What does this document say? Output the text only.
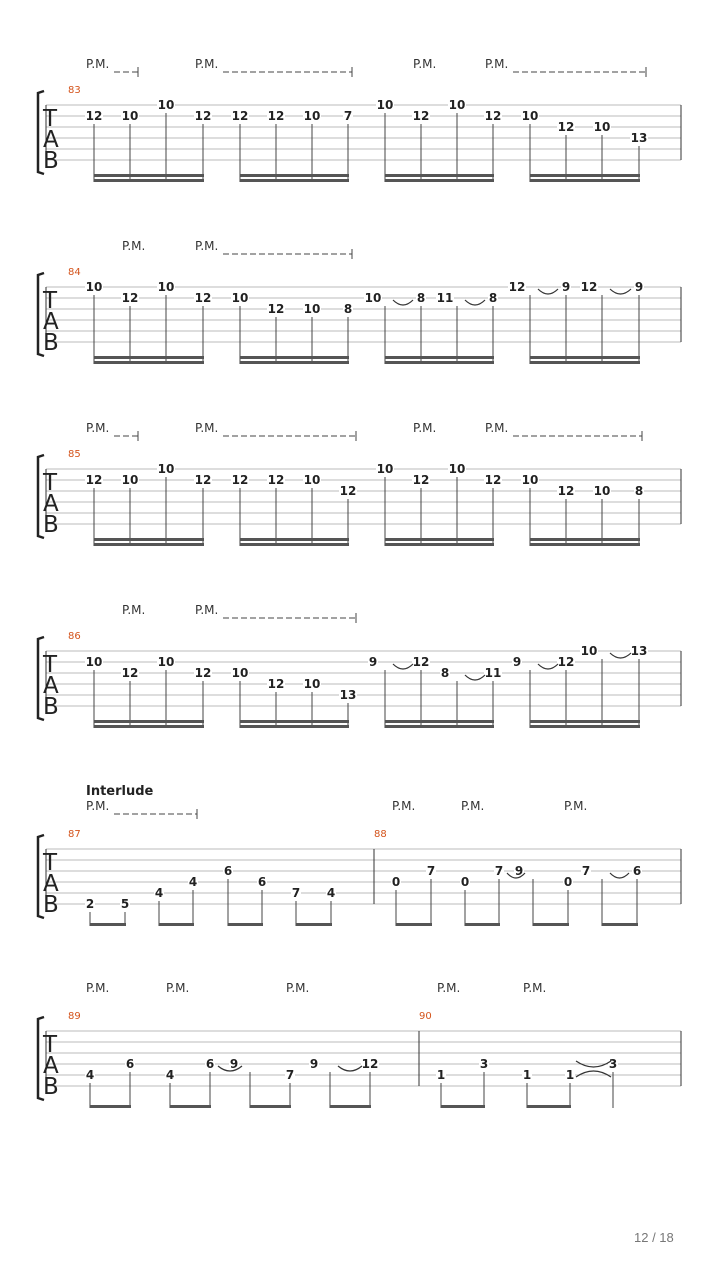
T
A
B
83
P.M.	P.M.	P.M.	P.M.
12 10
10
12 12 12 10 7
10
12
10
12 10
12 10
13
T
A
B
84
P.M.	P.M.
10
12
10
12 10
12 10 8
10	8 11	8
12	9 12	9
T
A
B
85
P.M.	P.M.	P.M.	P.M.
12 10
10
12 12 12 10
12
10
12
10
12 10
12 10 8
T
A
B
86
P.M.	P.M.
10
12
10
12 10
12 10
13
9	12
8	11
9	12
10	13
Interlude
T
A
B
87
P.M.
2 5
4
4
6
6
7 4
88
P.M.	P.M.	P.M.
0
7
0
7 9
0
7	6
T
A
B
89
P.M.	P.M.	P.M.
4
6
4
6 9
7
9	12
90
P.M.	P.M.
1
3
1	1
3
12 / 18
